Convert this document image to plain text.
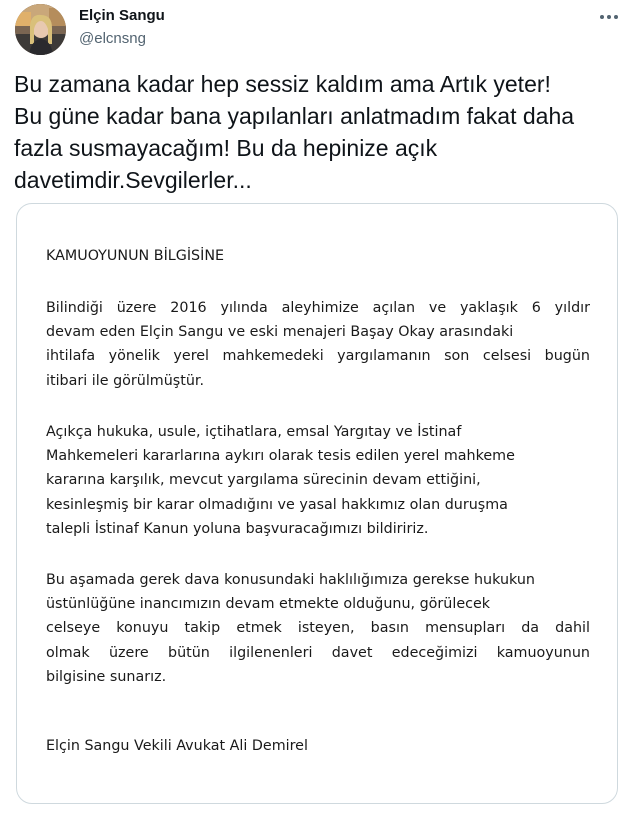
Elçin Sangu
@elcnsng
Bu zamana kadar hep sessiz kaldım ama Artık yeter!
Bu güne kadar bana yapılanları anlatmadım fakat daha
fazla susmayacağım! Bu da hepinize açık
davetimdir.Sevgilerler...
KAMUOYUNUN BİLGİSİNE
Bilindiği üzere 2016 yılında aleyhimize açılan ve yaklaşık 6 yıldır
devam eden Elçin Sangu ve eski menajeri Başay Okay arasındaki
ihtilafa yönelik yerel mahkemedeki yargılamanın son celsesi bugün
itibari ile görülmüştür.
Açıkça hukuka, usule, içtihatlara, emsal Yargıtay ve İstinaf
Mahkemeleri kararlarına aykırı olarak tesis edilen yerel mahkeme
kararına karşılık, mevcut yargılama sürecinin devam ettiğini,
kesinleşmiş bir karar olmadığını ve yasal hakkımız olan duruşma
talepli İstinaf Kanun yoluna başvuracağımızı bildiririz.
Bu aşamada gerek dava konusundaki haklılığımıza gerekse hukukun
üstünlüğüne inancımızın devam etmekte olduğunu, görülecek
celseye konuyu takip etmek isteyen, basın mensupları da dahil
olmak üzere bütün ilgilenenleri davet edeceğimizi kamuoyunun
bilgisine sunarız.
Elçin Sangu Vekili Avukat Ali Demirel
